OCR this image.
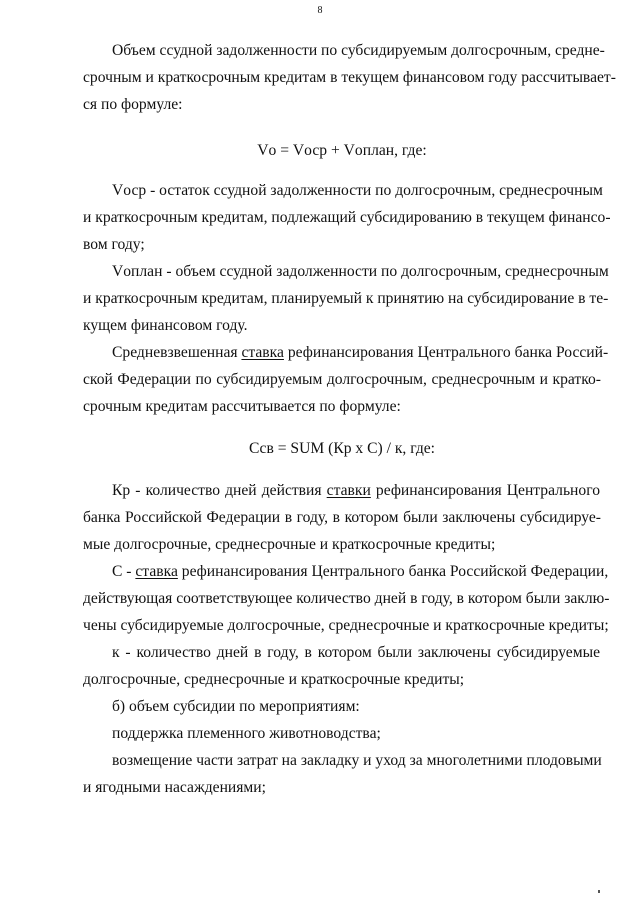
8
Объем ссудной задолженности по субсидируемым долгосрочным, средне-
срочным и краткосрочным кредитам в текущем финансовом году рассчитывает-
ся по формуле:
Vо = Vоср + Vоплан, где:
Vоср - остаток ссудной задолженности по долгосрочным, среднесрочным
и краткосрочным кредитам, подлежащий субсидированию в текущем финансо-
вом году;
Vоплан - объем ссудной задолженности по долгосрочным, среднесрочным
и краткосрочным кредитам, планируемый к принятию на субсидирование в те-
кущем финансовом году.
Средневзвешенная ставка рефинансирования Центрального банка Россий-
ской Федерации по субсидируемым долгосрочным, среднесрочным и кратко-
срочным кредитам рассчитывается по формуле:
Ссв = SUM (Кр х С) / к, где:
Кр - количество дней действия ставки рефинансирования Центрального
банка Российской Федерации в году, в котором были заключены субсидируе-
мые долгосрочные, среднесрочные и краткосрочные кредиты;
С - ставка рефинансирования Центрального банка Российской Федерации,
действующая соответствующее количество дней в году, в котором были заклю-
чены субсидируемые долгосрочные, среднесрочные и краткосрочные кредиты;
к - количество дней в году, в котором были заключены субсидируемые
долгосрочные, среднесрочные и краткосрочные кредиты;
б) объем субсидии по мероприятиям:
поддержка племенного животноводства;
возмещение части затрат на закладку и уход за многолетними плодовыми
и ягодными насаждениями;
